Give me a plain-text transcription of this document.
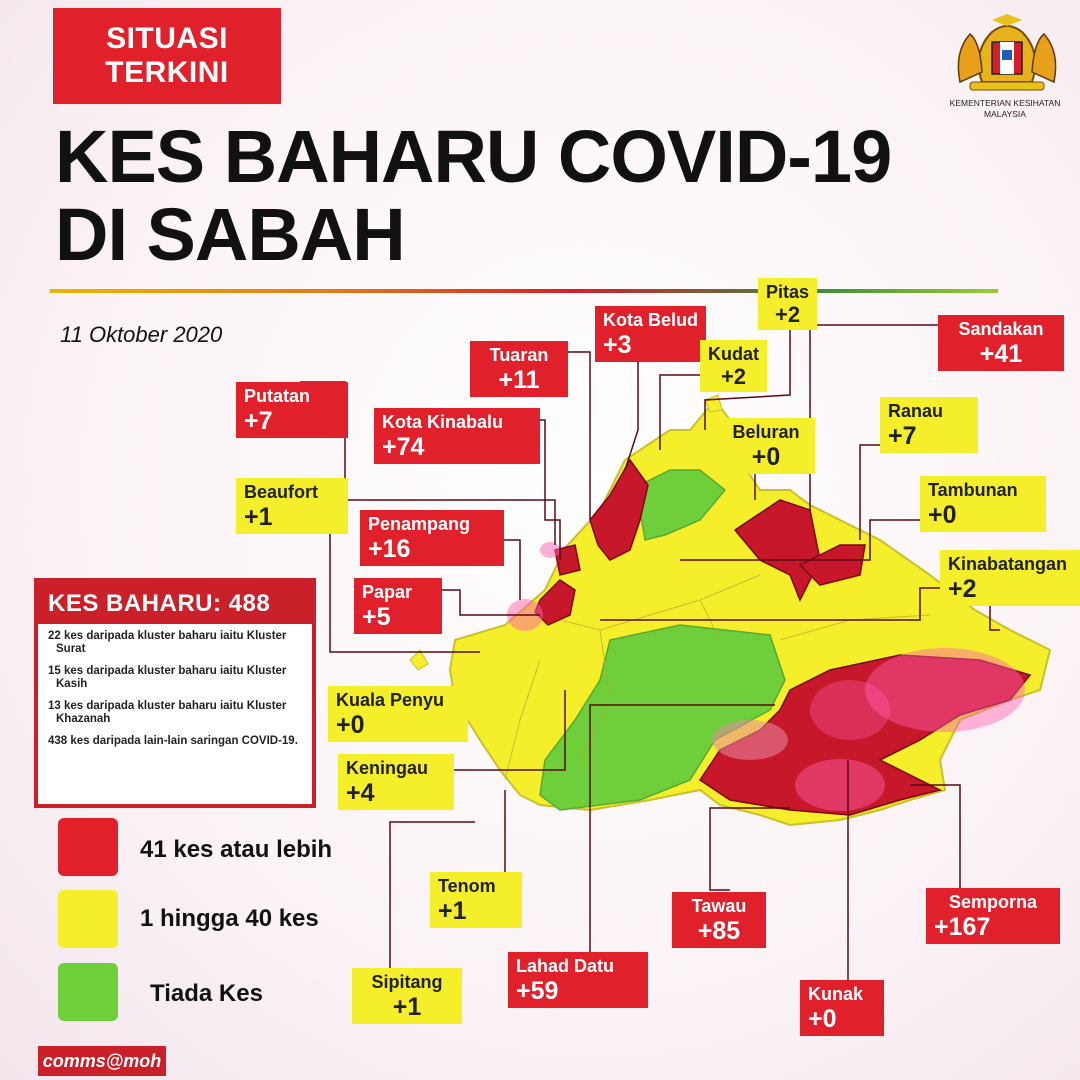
SITUASI
TERKINI
KES BAHARU COVID-19
DI SABAH
11 Oktober 2020
KEMENTERIAN KESIHATAN
MALAYSIA
Pitas
+2
Kota Belud
+3
Tuaran
+11
Kudat
+2
Sandakan
+41
Putatan
+7	Kota Kinabalu
+74
Beluran
+0
Ranau
+7
Beaufort
+1	Penampang
+16
Tambunan
+0
Kinabatangan
+2
Papar
+5
Kuala Penyu
+0
Keningau
+4
Tenom
+1	Tawau
+85
Semporna
+167
Lahad Datu
+59
Sipitang
+1	Kunak
+0
KES BAHARU: 488
22 kes daripada kluster baharu iaitu Kluster Surat
15 kes daripada kluster baharu iaitu Kluster Kasih
13 kes daripada kluster baharu iaitu Kluster Khazanah
438 kes daripada lain-lain saringan COVID-19.
41 kes atau lebih
1 hingga 40 kes
Tiada Kes
comms@moh
